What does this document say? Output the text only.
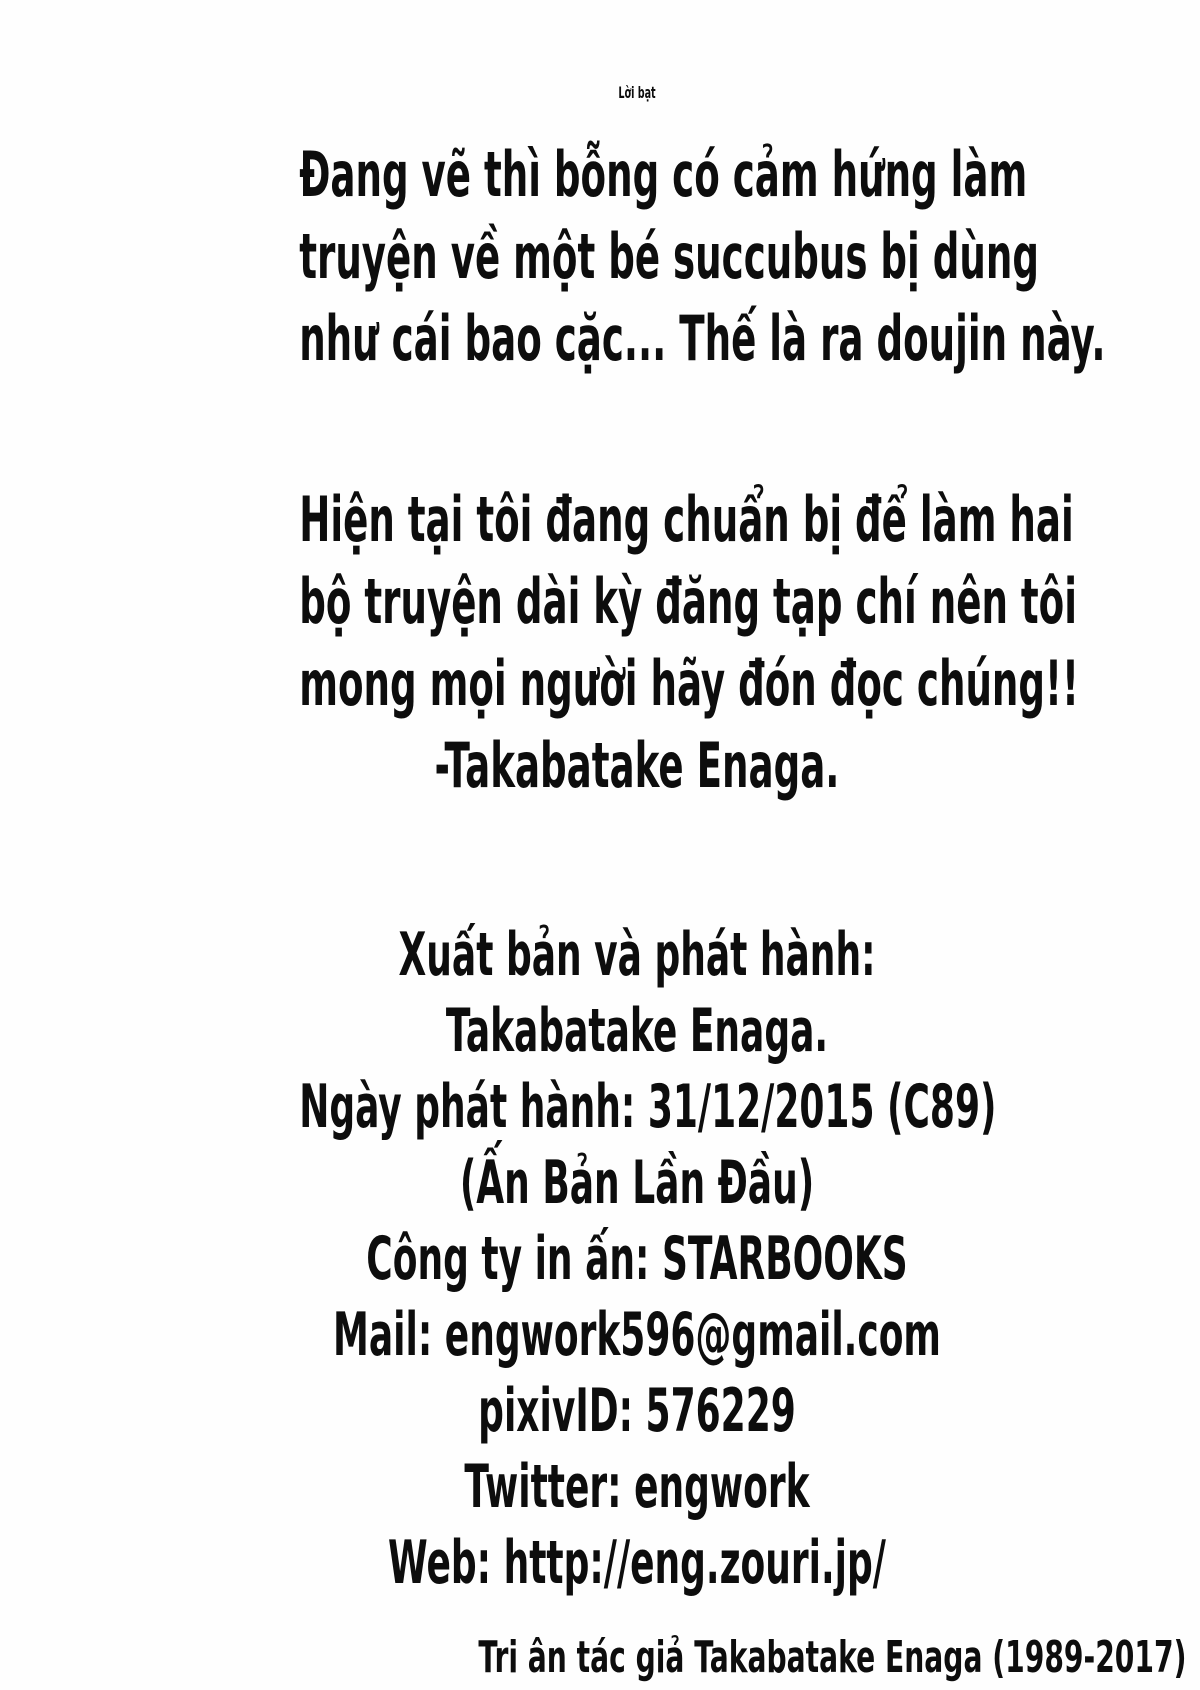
Lời bạt
Đang vẽ thì bỗng có cảm hứng làm
truyện về một bé succubus bị dùng
như cái bao cặc... Thế là ra doujin này.
Hiện tại tôi đang chuẩn bị để làm hai
bộ truyện dài kỳ đăng tạp chí nên tôi
mong mọi người hãy đón đọc chúng!!
-Takabatake Enaga.
Xuất bản và phát hành:
Takabatake Enaga.
Ngày phát hành: 31/12/2015 (C89)
(Ấn Bản Lần Đầu)
Công ty in ấn: STARBOOKS
Mail: engwork596@gmail.com
pixivID: 576229
Twitter: engwork
Web: http://eng.zouri.jp/
Tri ân tác giả Takabatake Enaga (1989-2017)
